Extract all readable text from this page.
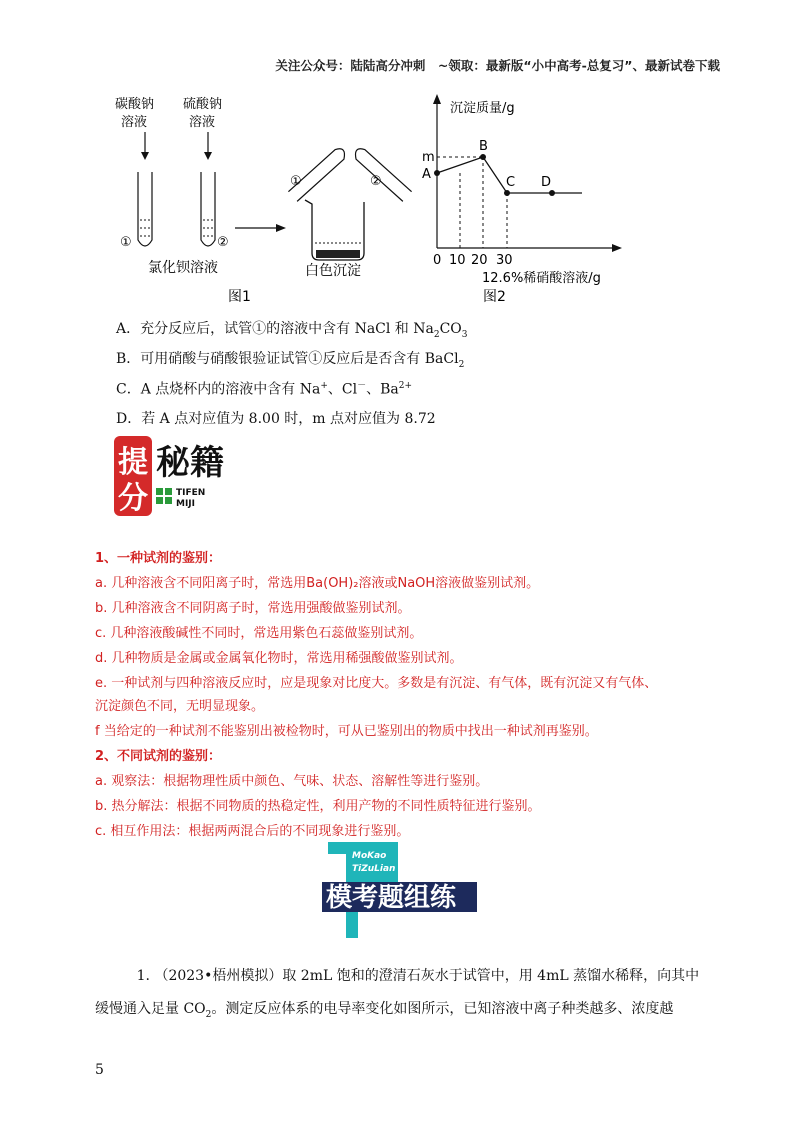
关注公众号：陆陆高分冲刺　~领取：最新版“小中高考-总复习”、最新试卷下载
碳酸钠
溶液
硫酸钠
溶液
①	②
氯化钡溶液
①	②
白色沉淀
图1
沉淀质量/g
m
A
B
C D
0 10 20 30
12.6%稀硝酸溶液/g
图2
A．充分反应后，试管①的溶液中含有 NaCl 和 $Na_2CO_3$
B．可用硝酸与硝酸银验证试管①反应后是否含有 BaCl$_2$
C．A 点烧杯内的溶液中含有 Na+、Cl－、$Ba^{2+}$
D．若 A 点对应值为 8.00 时，m 点对应值为 8.72
提
分
秘籍
TIFEN
MIJI
1、一种试剂的鉴别：
a. 几种溶液含不同阳离子时，常选用Ba(OH)₂溶液或NaOH溶液做鉴别试剂。
b. 几种溶液含不同阴离子时，常选用强酸做鉴别试剂。
c. 几种溶液酸碱性不同时，常选用紫色石蕊做鉴别试剂。
d. 几种物质是金属或金属氧化物时，常选用稀强酸做鉴别试剂。
e. 一种试剂与四种溶液反应时，应是现象对比度大。多数是有沉淀、有气体，既有沉淀又有气体、
沉淀颜色不同，无明显现象。
f 当给定的一种试剂不能鉴别出被检物时，可从已鉴别出的物质中找出一种试剂再鉴别。
2、不同试剂的鉴别：
a. 观察法：根据物理性质中颜色、气味、状态、溶解性等进行鉴别。
b. 热分解法：根据不同物质的热稳定性，利用产物的不同性质特征进行鉴别。
c. 相互作用法：根据两两混合后的不同现象进行鉴别。
MoKao
TiZuLian
模考题组练
1. （2023•梧州模拟）取 2mL 饱和的澄清石灰水于试管中，用 4mL 蒸馏水稀释，向其中
缓慢通入足量 $CO_2$。测定反应体系的电导率变化如图所示，已知溶液中离子种类越多、浓度越
5
